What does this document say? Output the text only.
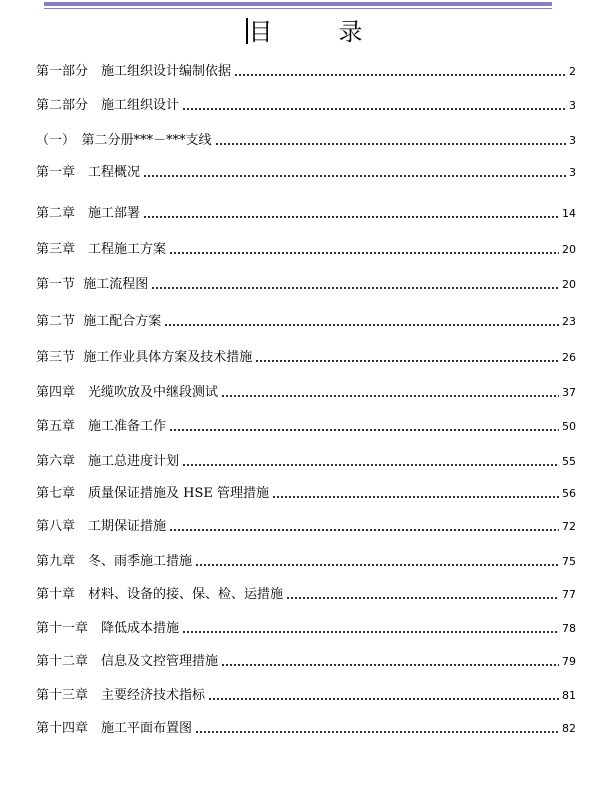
目	录
第一部分　施工组织设计编制依据	2
第二部分　施工组织设计	3
（一）　第二分册***－***支线	3
第一章　工程概况	3
第二章　施工部署	14
第三章　工程施工方案	20
第一节  施工流程图	20
第二节  施工配合方案	23
第三节  施工作业具体方案及技术措施	26
第四章　光缆吹放及中继段测试	37
第五章　施工准备工作	50
第六章　施工总进度计划	55
第七章　质量保证措施及 HSE 管理措施	56
第八章　工期保证措施	72
第九章　冬、雨季施工措施	75
第十章　材料、设备的接、保、检、运措施	77
第十一章　降低成本措施	78
第十二章　信息及文控管理措施	79
第十三章　主要经济技术指标	81
第十四章　施工平面布置图	82
